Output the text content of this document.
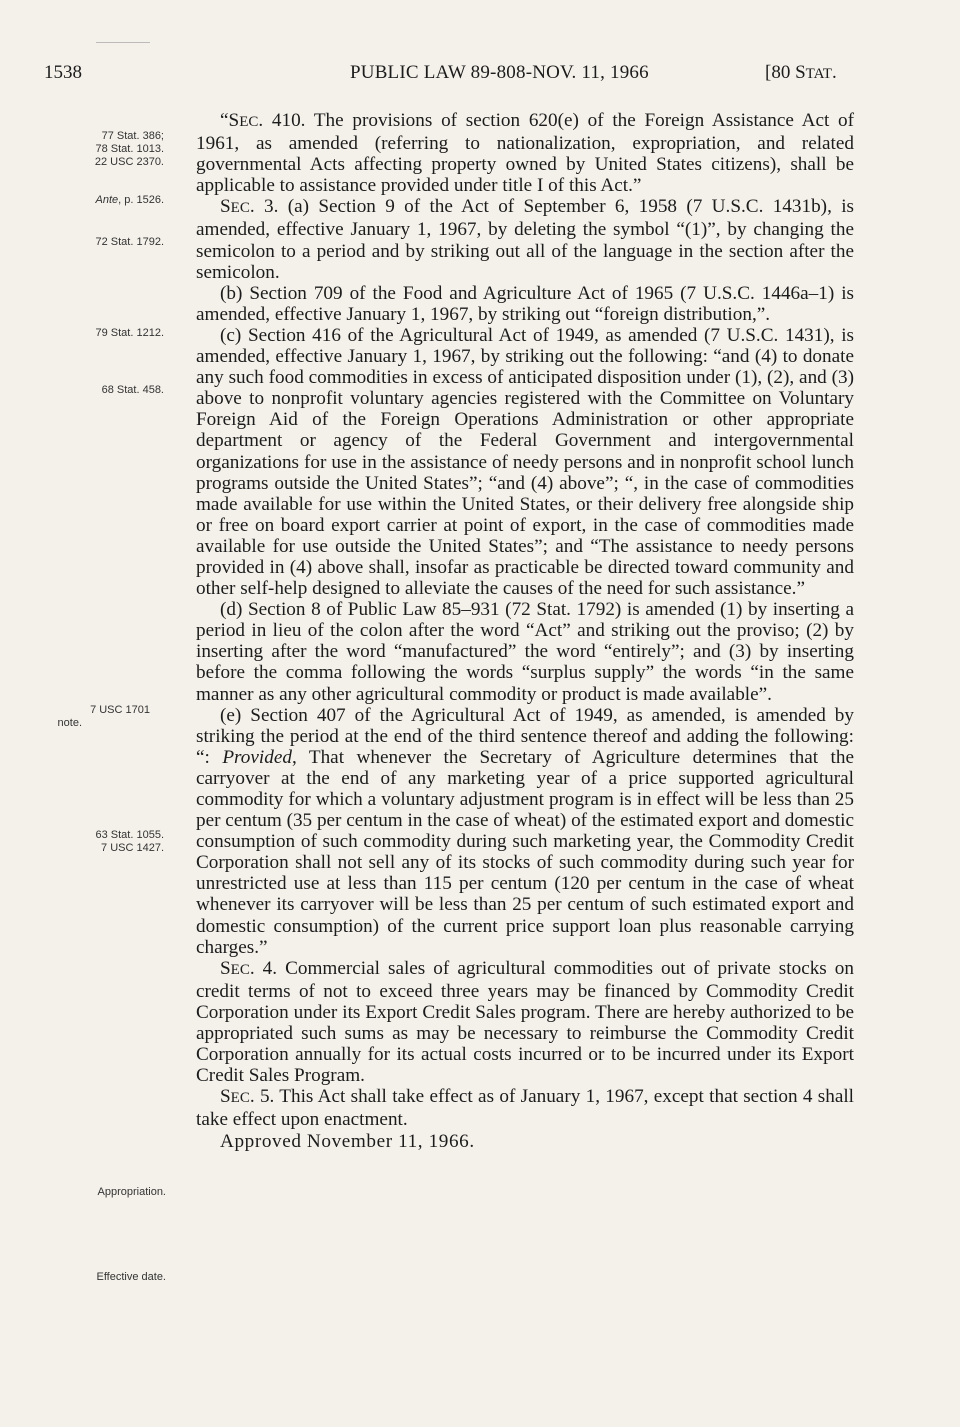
1538	PUBLIC LAW 89-808-NOV. 11, 1966	[80 STAT.
77 Stat. 386;
78 Stat. 1013.
22 USC 2370.
Ante, p. 1526.
72 Stat. 1792.
79 Stat. 1212.
68 Stat. 458.
7 USC 1701
note.
63 Stat. 1055.
7 USC 1427.
Appropriation.
Effective date.

“SEC. 410. The provisions of section 620(e) of the Foreign Assistance Act of 1961, as amended (referring to nationalization, expropriation, and related governmental Acts affecting property owned by United States citizens), shall be applicable to assistance provided under title I of this Act.”

SEC. 3. (a) Section 9 of the Act of September 6, 1958 (7 U.S.C. 1431b), is amended, effective January 1, 1967, by deleting the symbol “(1)”, by changing the semicolon to a period and by striking out all of the language in the section after the semicolon.

(b) Section 709 of the Food and Agriculture Act of 1965 (7 U.S.C. 1446a–1) is amended, effective January 1, 1967, by striking out “foreign distribution,”.

(c) Section 416 of the Agricultural Act of 1949, as amended (7 U.S.C. 1431), is amended, effective January 1, 1967, by striking out the following: “and (4) to donate any such food commodities in excess of anticipated disposition under (1), (2), and (3) above to nonprofit voluntary agencies registered with the Committee on Voluntary Foreign Aid of the Foreign Operations Administration or other appropriate department or agency of the Federal Government and intergovernmental organizations for use in the assistance of needy persons and in nonprofit school lunch programs outside the United States”; “and (4) above”; “, in the case of commodities made available for use within the United States, or their delivery free alongside ship or free on board export carrier at point of export, in the case of commodities made available for use outside the United States”; and “The assistance to needy persons provided in (4) above shall, insofar as practicable be directed toward community and other self-help designed to alleviate the causes of the need for such assistance.”

(d) Section 8 of Public Law 85–931 (72 Stat. 1792) is amended (1) by inserting a period in lieu of the colon after the word “Act” and striking out the proviso; (2) by inserting after the word “manufactured” the word “entirely”; and (3) by inserting before the comma following the words “surplus supply” the words “in the same manner as any other agricultural commodity or product is made available”.

(e) Section 407 of the Agricultural Act of 1949, as amended, is amended by striking the period at the end of the third sentence thereof and adding the following: “: Provided, That whenever the Secretary of Agriculture determines that the carryover at the end of any marketing year of a price supported agricultural commodity for which a voluntary adjustment program is in effect will be less than 25 per centum (35 per centum in the case of wheat) of the estimated export and domestic consumption of such commodity during such marketing year, the Commodity Credit Corporation shall not sell any of its stocks of such commodity during such year for unrestricted use at less than 115 per centum (120 per centum in the case of wheat whenever its carryover will be less than 25 per centum of such estimated export and domestic consumption) of the current price support loan plus reasonable carrying charges.”

SEC. 4. Commercial sales of agricultural commodities out of private stocks on credit terms of not to exceed three years may be financed by Commodity Credit Corporation under its Export Credit Sales program. There are hereby authorized to be appropriated such sums as may be necessary to reimburse the Commodity Credit Corporation annually for its actual costs incurred or to be incurred under its Export Credit Sales Program.

SEC. 5. This Act shall take effect as of January 1, 1967, except that section 4 shall take effect upon enactment.

Approved November 11, 1966.
